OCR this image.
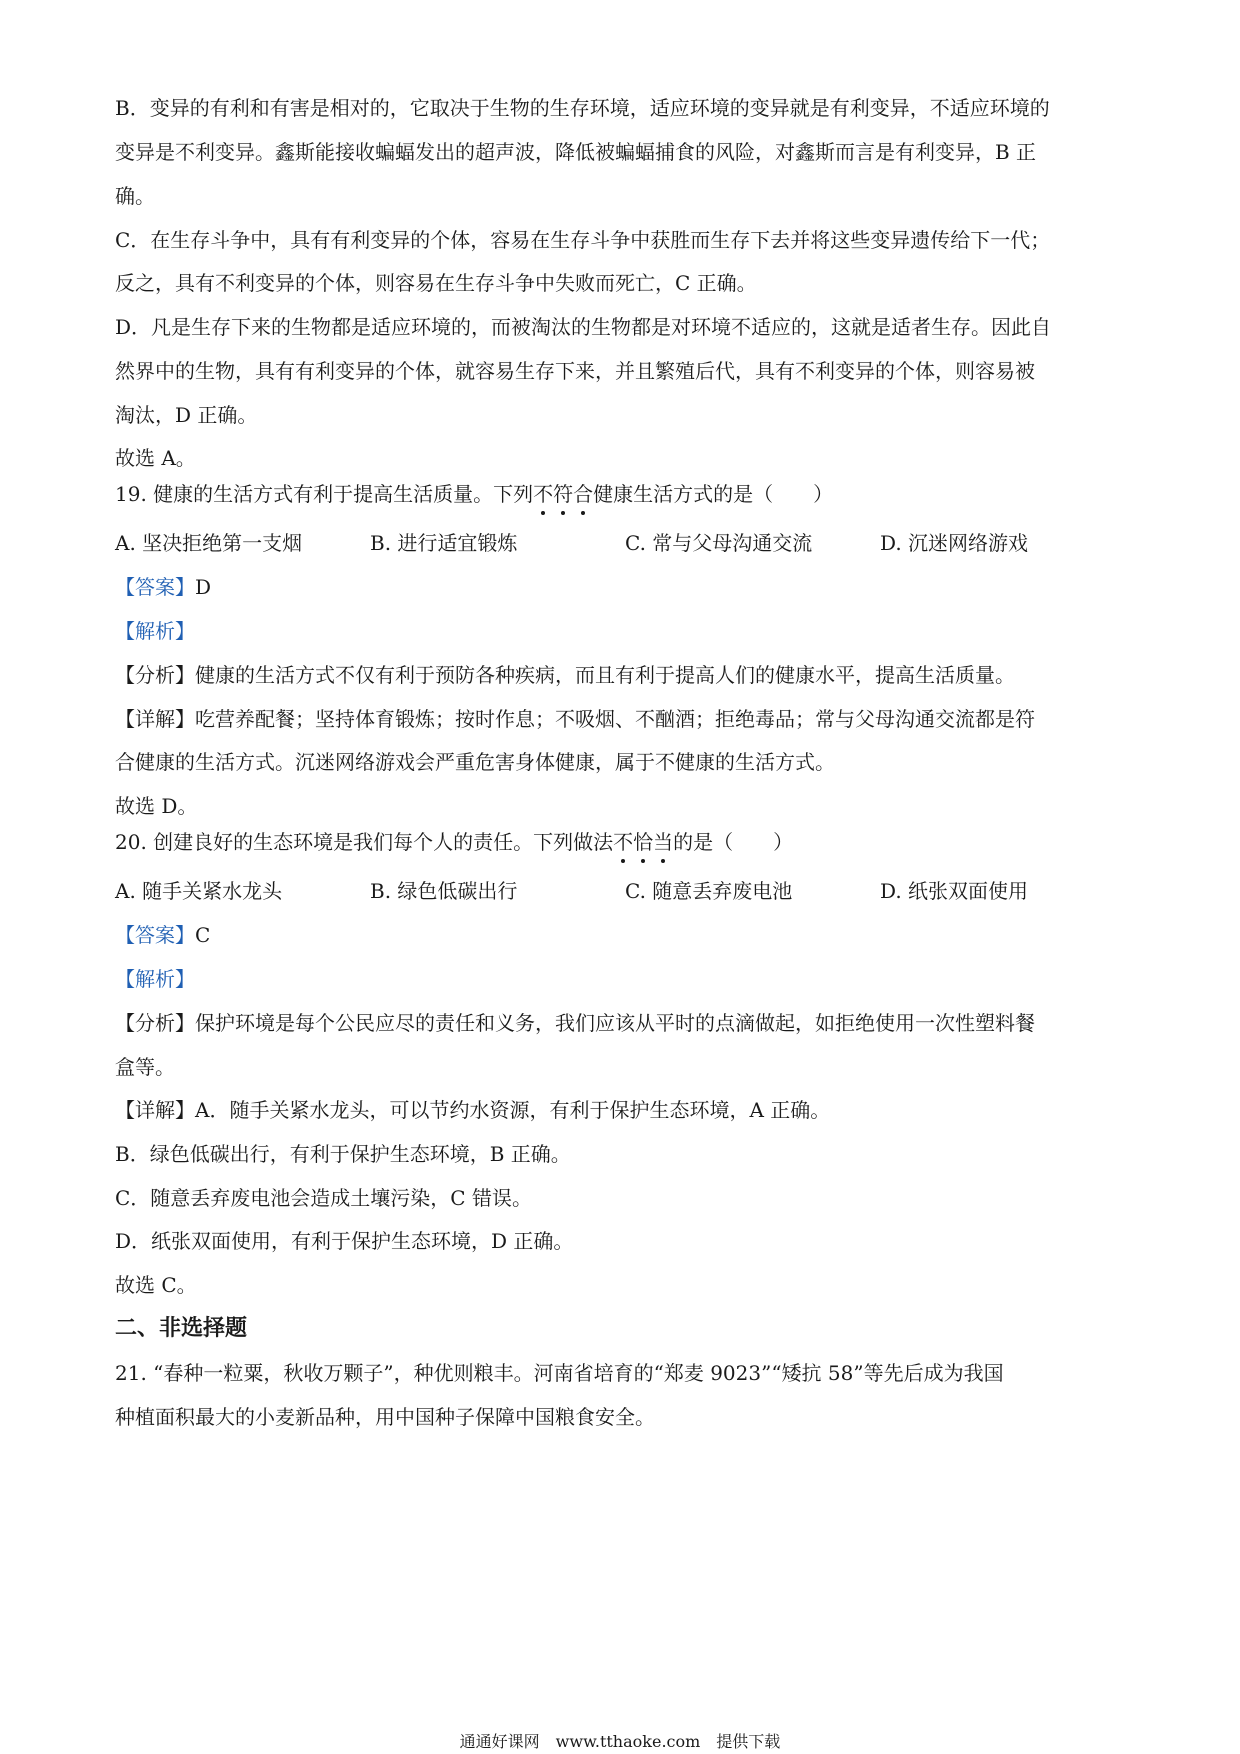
B．变异的有利和有害是相对的，它取决于生物的生存环境，适应环境的变异就是有利变异，不适应环境的
变异是不利变异。鑫斯能接收蝙蝠发出的超声波，降低被蝙蝠捕食的风险，对鑫斯而言是有利变异，B 正
确。
C．在生存斗争中，具有有利变异的个体，容易在生存斗争中获胜而生存下去并将这些变异遗传给下一代；
反之，具有不利变异的个体，则容易在生存斗争中失败而死亡，C 正确。
D．凡是生存下来的生物都是适应环境的，而被淘汰的生物都是对环境不适应的，这就是适者生存。因此自
然界中的生物，具有有利变异的个体，就容易生存下来，并且繁殖后代，具有不利变异的个体，则容易被
淘汰，D 正确。
故选 A。
19. 健康的生活方式有利于提高生活质量。下列不符合健康生活方式的是（　　）
A. 坚决拒绝第一支烟	B. 进行适宜锻炼	C. 常与父母沟通交流	D. 沉迷网络游戏
【答案】D
【解析】
【分析】健康的生活方式不仅有利于预防各种疾病，而且有利于提高人们的健康水平，提高生活质量。
【详解】吃营养配餐；坚持体育锻炼；按时作息；不吸烟、不酗酒；拒绝毒品；常与父母沟通交流都是符
合健康的生活方式。沉迷网络游戏会严重危害身体健康，属于不健康的生活方式。
故选 D。
20. 创建良好的生态环境是我们每个人的责任。下列做法不恰当的是（　　）
A. 随手关紧水龙头	B. 绿色低碳出行	C. 随意丢弃废电池	D. 纸张双面使用
【答案】C
【解析】
【分析】保护环境是每个公民应尽的责任和义务，我们应该从平时的点滴做起，如拒绝使用一次性塑料餐
盒等。
【详解】A．随手关紧水龙头，可以节约水资源，有利于保护生态环境，A 正确。
B．绿色低碳出行，有利于保护生态环境，B 正确。
C．随意丢弃废电池会造成土壤污染，C 错误。
D．纸张双面使用，有利于保护生态环境，D 正确。
故选 C。
二、非选择题
21. “春种一粒粟，秋收万颗子”，种优则粮丰。河南省培育的“郑麦 9023”“矮抗 58”等先后成为我国
种植面积最大的小麦新品种，用中国种子保障中国粮食安全。
通通好课网　www.tthaoke.com　提供下载
